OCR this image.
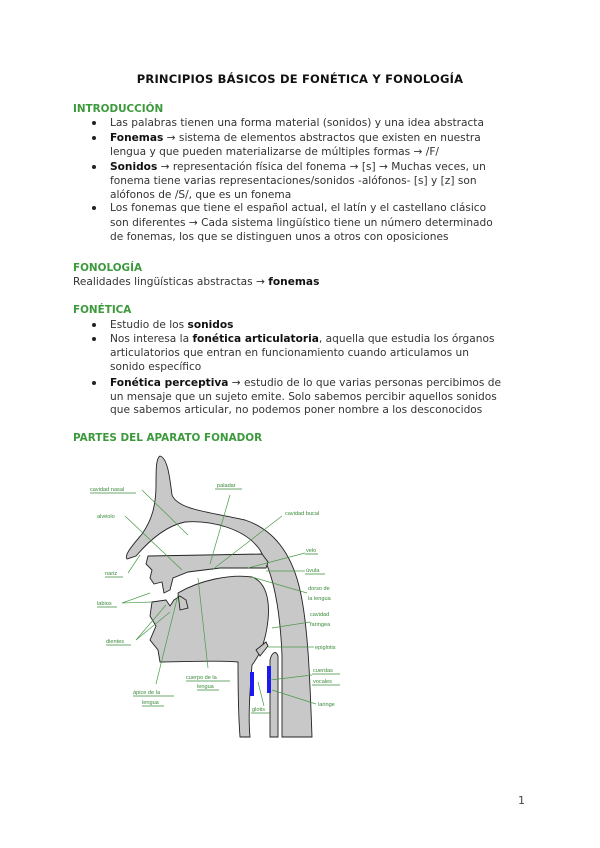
PRINCIPIOS BÁSICOS DE FONÉTICA Y FONOLOGÍA
INTRODUCCIÓN
Las palabras tienen una forma material (sonidos) y una idea abstracta
Fonemas → sistema de elementos abstractos que existen en nuestra
lengua y que pueden materializarse de múltiples formas → /F/
Sonidos → representación física del fonema → [s] → Muchas veces, un
fonema tiene varias representaciones/sonidos -alófonos- [s] y [z] son
alófonos de /S/, que es un fonema
Los fonemas que tiene el español actual, el latín y el castellano clásico
son diferentes → Cada sistema lingüístico tiene un número determinado
de fonemas, los que se distinguen unos a otros con oposiciones
FONOLOGÍA
Realidades lingüísticas abstractas → fonemas
FONÉTICA
Estudio de los sonidos
Nos interesa la fonética articulatoria, aquella que estudia los órganos
articulatorios que entran en funcionamiento cuando articulamos un
sonido específico
Fonética perceptiva → estudio de lo que varias personas percibimos de
un mensaje que un sujeto emite. Solo sabemos percibir aquellos sonidos
que sabemos articular, no podemos poner nombre a los desconocidos
PARTES DEL APARATO FONADOR
cavidad nasal
alvéolo
nariz
labios
dientes
paladar
cavidad bucal
velo
úvula
dorso de
la lengua
cavidad
faringea
epiglotis
cuerdas
vocales
laringe
glotis
ápice de la
lengua
cuerpo de la
lengua
1
